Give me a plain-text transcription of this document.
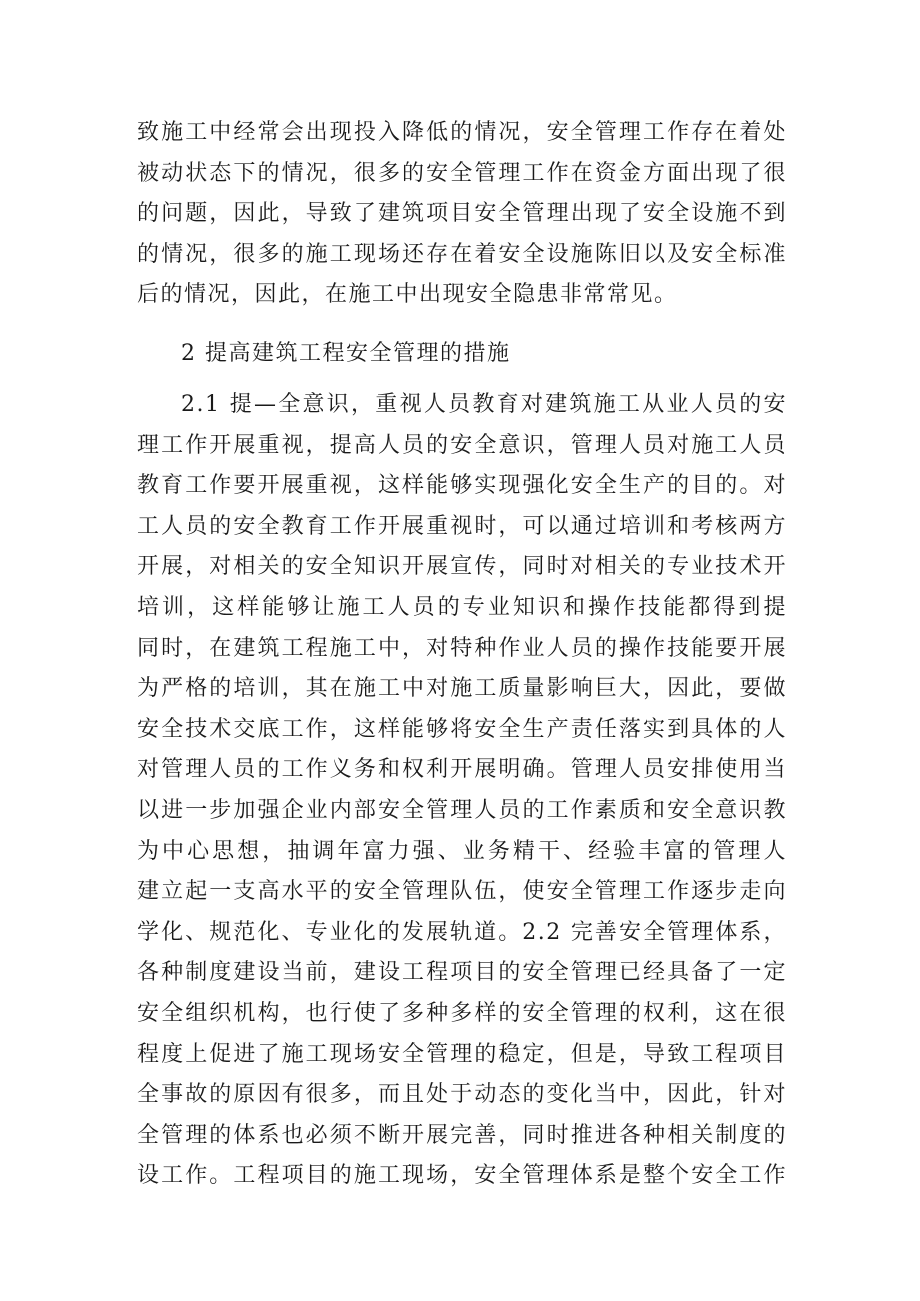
致施工中经常会出现投入降低的情况，安全管理工作存在着处
被动状态下的情况，很多的安全管理工作在资金方面出现了很
的问题，因此，导致了建筑项目安全管理出现了安全设施不到
的情况，很多的施工现场还存在着安全设施陈旧以及安全标准
后的情况，因此，在施工中出现安全隐患非常常见。
2 提高建筑工程安全管理的措施
2.1 提—全意识，重视人员教育对建筑施工从业人员的安
理工作开展重视，提高人员的安全意识，管理人员对施工人员
教育工作要开展重视，这样能够实现强化安全生产的目的。对
工人员的安全教育工作开展重视时，可以通过培训和考核两方
开展，对相关的安全知识开展宣传，同时对相关的专业技术开
培训，这样能够让施工人员的专业知识和操作技能都得到提
同时，在建筑工程施工中，对特种作业人员的操作技能要开展
为严格的培训，其在施工中对施工质量影响巨大，因此，要做
安全技术交底工作，这样能够将安全生产责任落实到具体的人
对管理人员的工作义务和权利开展明确。管理人员安排使用当
以进一步加强企业内部安全管理人员的工作素质和安全意识教
为中心思想，抽调年富力强、业务精干、经验丰富的管理人
建立起一支高水平的安全管理队伍，使安全管理工作逐步走向
学化、规范化、专业化的发展轨道。2.2 完善安全管理体系，
各种制度建设当前，建设工程项目的安全管理已经具备了一定
安全组织机构，也行使了多种多样的安全管理的权利，这在很
程度上促进了施工现场安全管理的稳定，但是，导致工程项目
全事故的原因有很多，而且处于动态的变化当中，因此，针对
全管理的体系也必须不断开展完善，同时推进各种相关制度的
设工作。工程项目的施工现场，安全管理体系是整个安全工作
